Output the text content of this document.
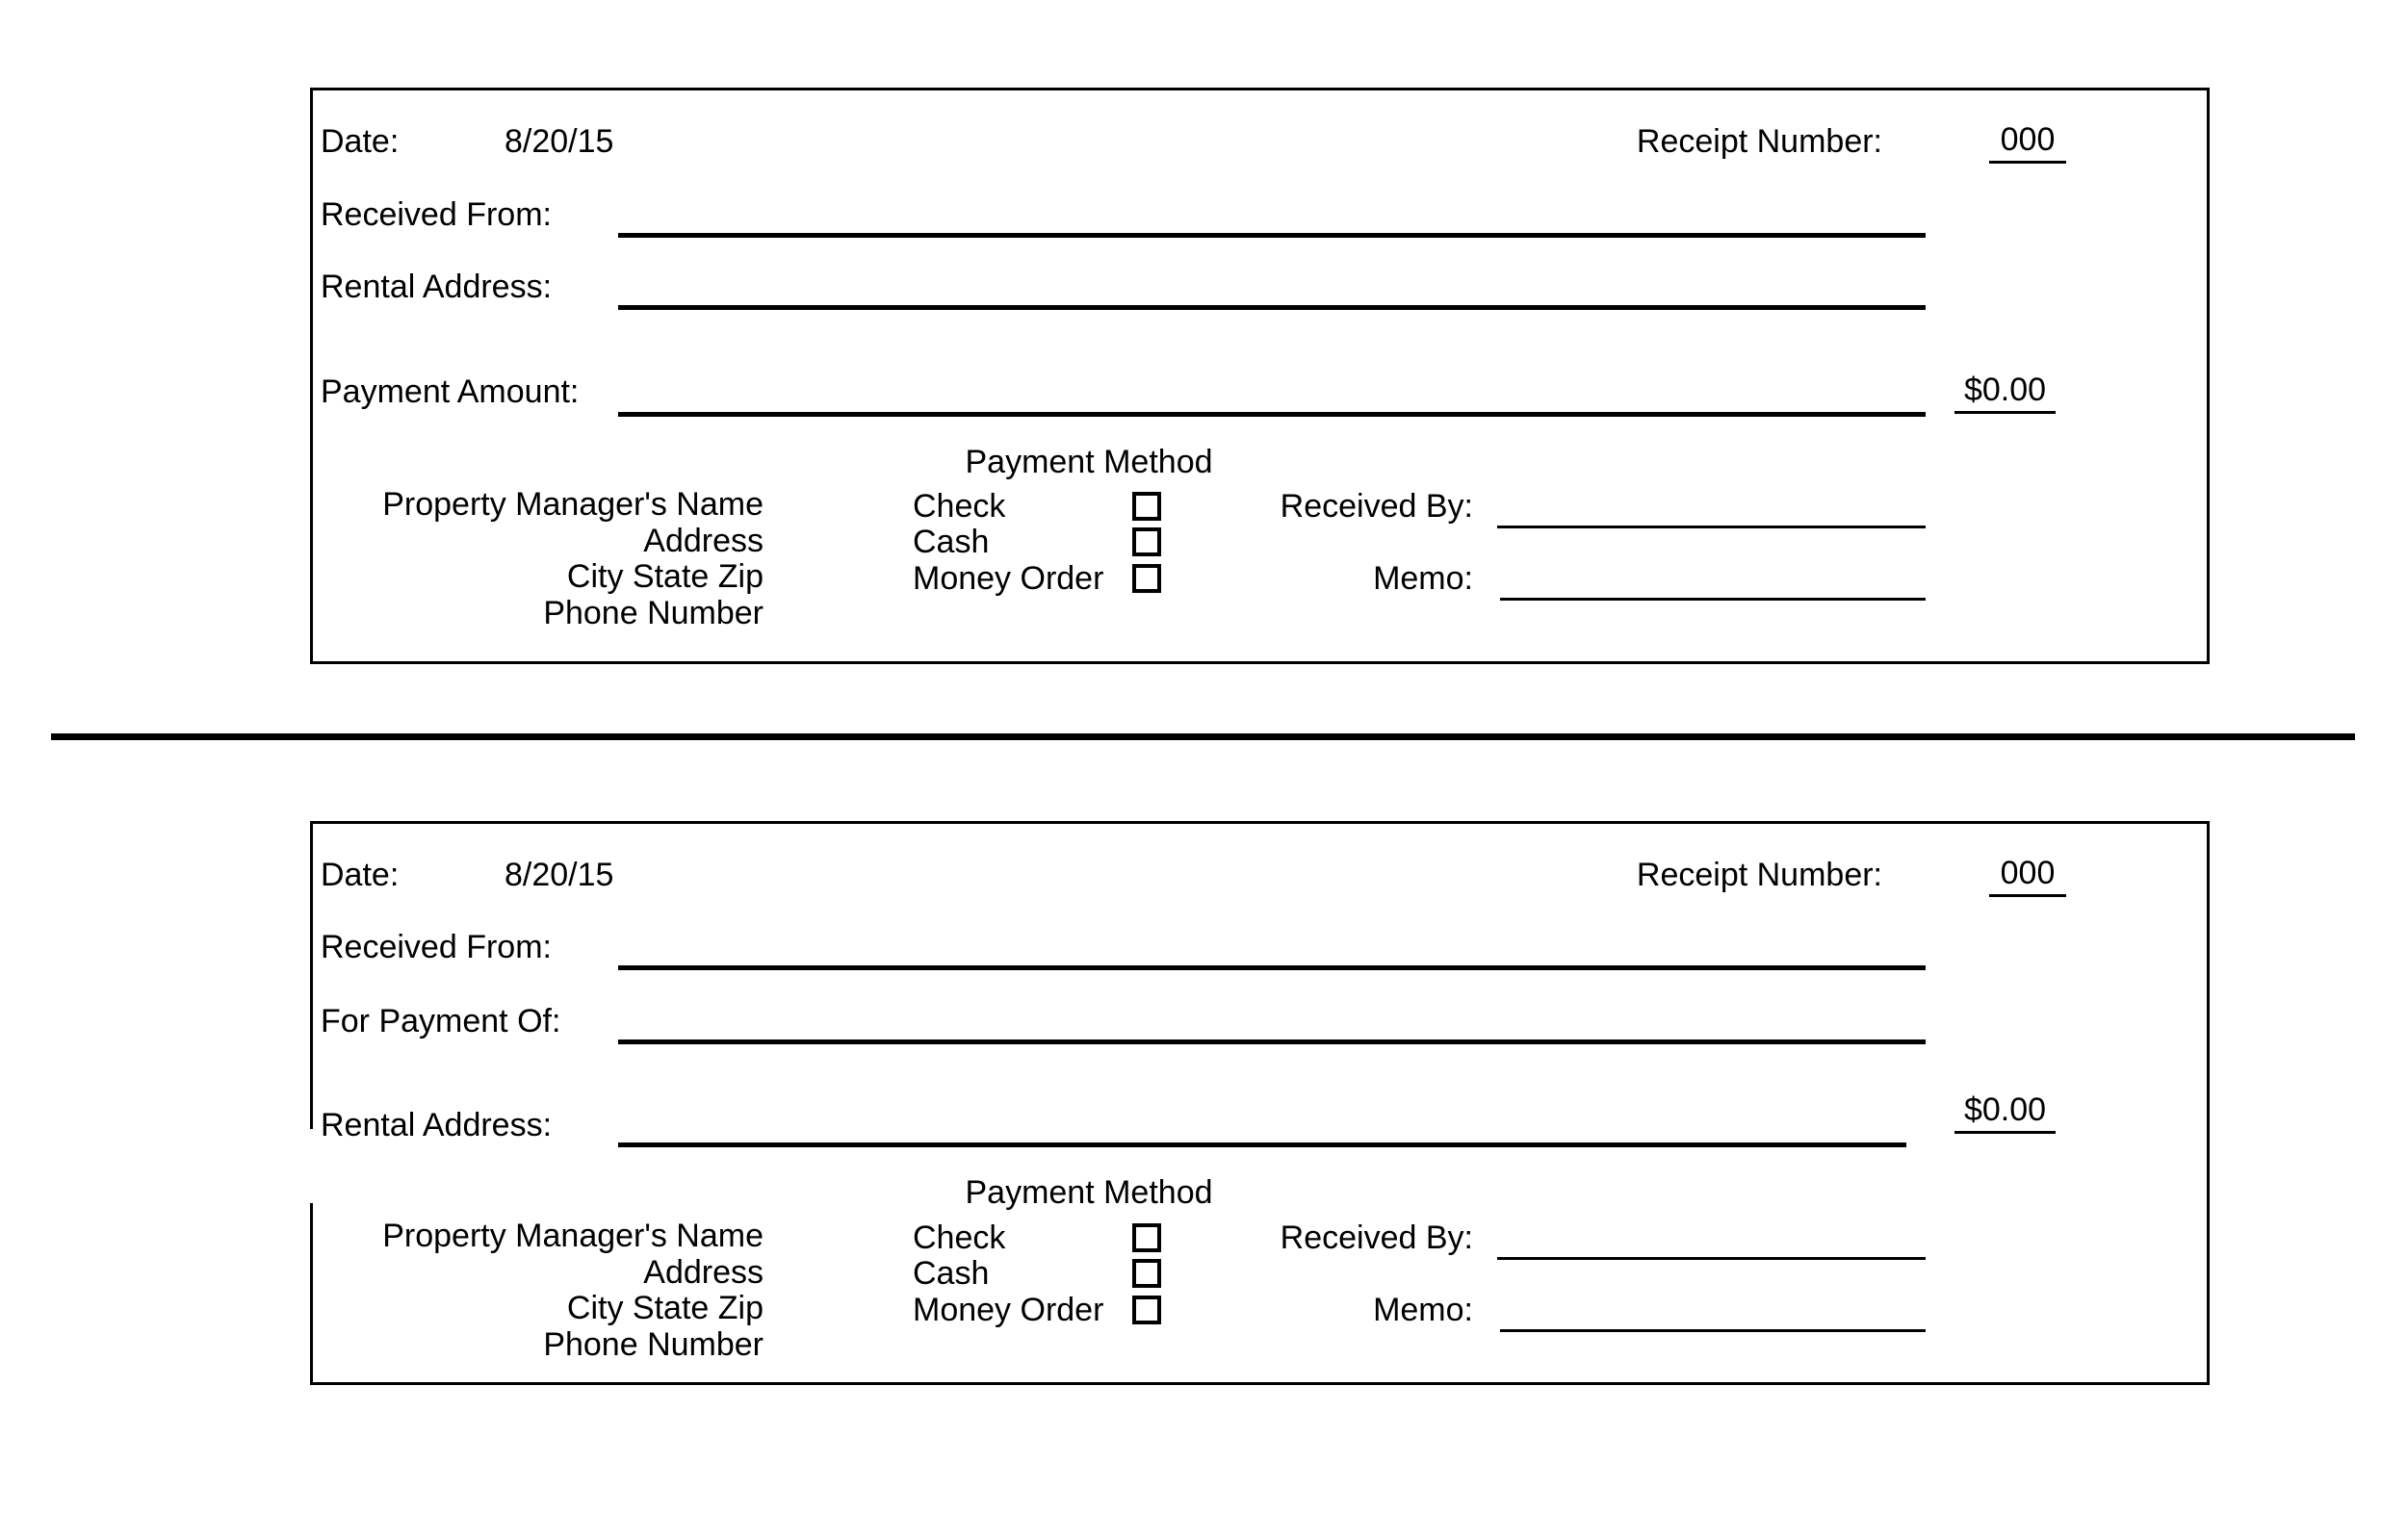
Date:	8/20/15	Receipt Number:	000
Received From:
Rental Address:
Payment Amount:	$0.00
Payment Method
Check
Cash
Money Order
Received By:
Memo:
Property Manager's Name
Address
City State Zip
Phone Number
Date:	8/20/15	Receipt Number:	000
Received From:
For Payment Of:
Rental Address:	$0.00
Payment Method
Check
Cash
Money Order
Received By:
Memo:
Property Manager's Name
Address
City State Zip
Phone Number
